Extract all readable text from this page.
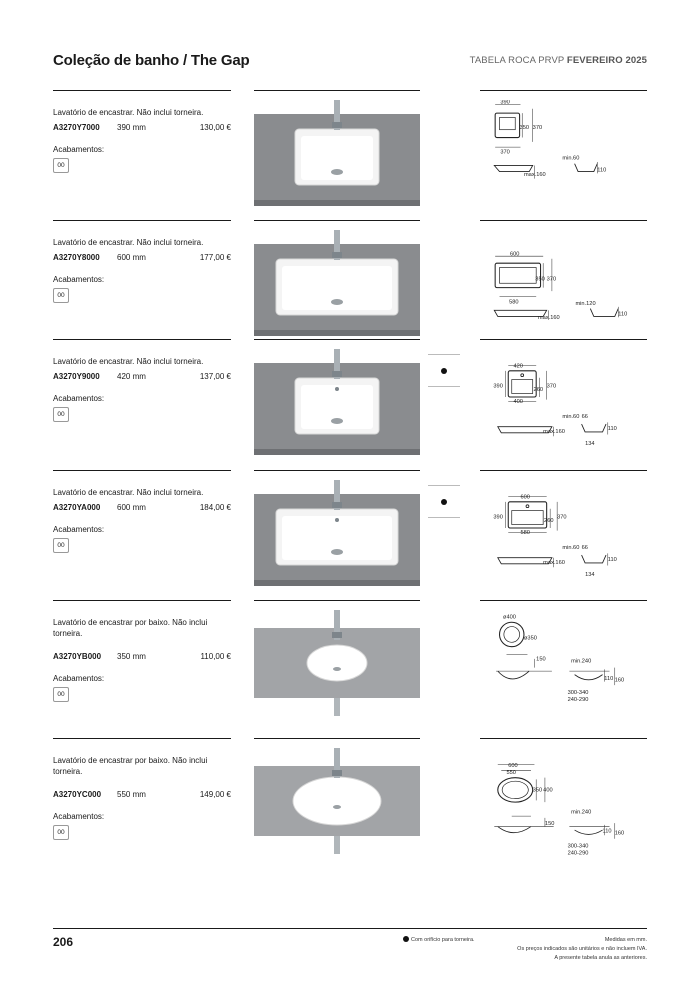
Coleção de banho / The Gap	TABELA ROCA PRVP FEVEREIRO 2025
Lavatório de encastrar. Não inclui torneira.
A3270Y7000 390 mm	130,00 €
Acabamentos:
00
390
350 370
370
max.160
min.60
110
Lavatório de encastrar. Não inclui torneira.
A3270Y8000 600 mm	177,00 €
Acabamentos:
00
600
350 370
580
max.160
min.120
110
Lavatório de encastrar. Não inclui torneira.
A3270Y9000 420 mm	137,00 €
Acabamentos:
00
420
390
260
370
400
max.160
min.60 66
110
134
Lavatório de encastrar. Não inclui torneira.
A3270YA000 600 mm	184,00 €
Acabamentos:
00
600
390
260
370
580
max.160
min.60 66
110
134
Lavatório de encastrar por baixo. Não inclui torneira.
A3270YB000 350 mm	110,00 €
Acabamentos:
00
ø400
ø350
150	min.240
110 160
300-340
240-290
Lavatório de encastrar por baixo. Não inclui torneira.
A3270YC000 550 mm	149,00 €
Acabamentos:
00
600
550
350 400
150
min.240
110 160
300-340
240-290
206	Com orifício para torneira.	Medidas em mm.
Os preços indicados são unitários e não incluem IVA.
A presente tabela anula as anteriores.
